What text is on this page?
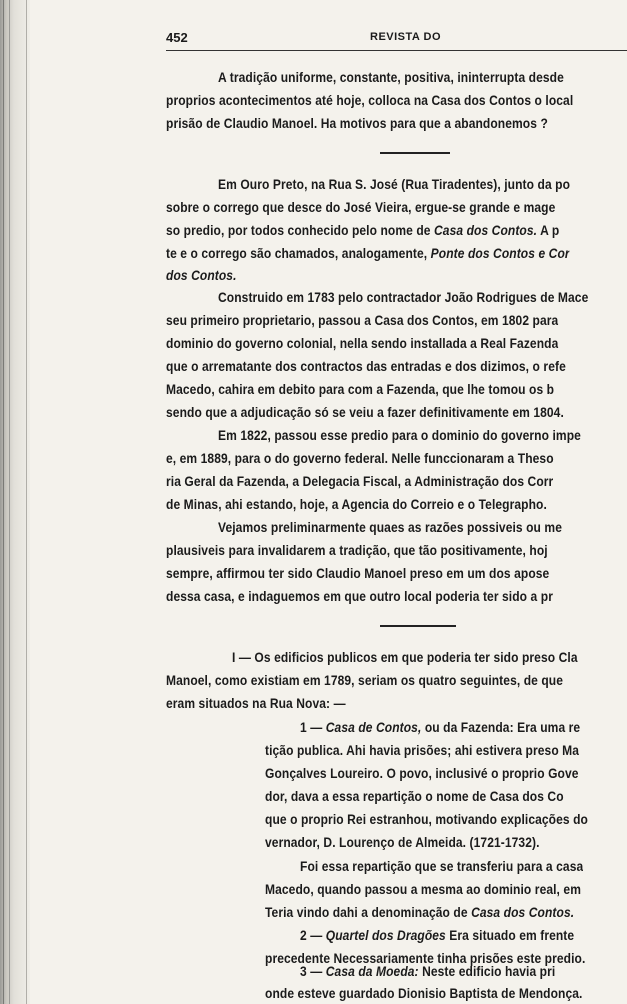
452	REVISTA DO
A tradição uniforme, constante, positiva, ininterrupta desde
proprios acontecimentos até hoje, colloca na Casa dos Contos o local
prisão de Claudio Manoel. Ha motivos para que a abandonemos ?
Em Ouro Preto, na Rua S. José (Rua Tiradentes), junto da po
sobre o corrego que desce do José Vieira, ergue-se grande e mage
so predio, por todos conhecido pelo nome de Casa dos Contos. A p
te e o corrego são chamados, analogamente, Ponte dos Contos e Cor
dos Contos.
Construido em 1783 pelo contractador João Rodrigues de Mace
seu primeiro proprietario, passou a Casa dos Contos, em 1802 para
dominio do governo colonial, nella sendo installada a Real Fazenda
que o arrematante dos contractos das entradas e dos dizimos, o refe
Macedo, cahira em debito para com a Fazenda, que lhe tomou os b
sendo que a adjudicação só se veiu a fazer definitivamente em 1804.
Em 1822, passou esse predio para o dominio do governo impe
e, em 1889, para o do governo federal. Nelle funccionaram a Theso
ria Geral da Fazenda, a Delegacia Fiscal, a Administração dos Corr
de Minas, ahi estando, hoje, a Agencia do Correio e o Telegrapho.
Vejamos preliminarmente quaes as razões possiveis ou me
plausiveis para invalidarem a tradição, que tão positivamente, hoj
sempre, affirmou ter sido Claudio Manoel preso em um dos apose
dessa casa, e indaguemos em que outro local poderia ter sido a pr
I — Os edificios publicos em que poderia ter sido preso Cla
Manoel, como existiam em 1789, seriam os quatro seguintes, de que
eram situados na Rua Nova: —
1 — Casa de Contos, ou da Fazenda: Era uma re
tição publica. Ahi havia prisões; ahi estivera preso Ma
Gonçalves Loureiro. O povo, inclusivé o proprio Gove
dor, dava a essa repartição o nome de Casa dos Co
que o proprio Rei estranhou, motivando explicações do
vernador, D. Lourenço de Almeida. (1721-1732).
Foi essa repartição que se transferiu para a casa
Macedo, quando passou a mesma ao dominio real, em
Teria vindo dahi a denominação de Casa dos Contos.
2 — Quartel dos Dragões Era situado em frente
precedente Necessariamente tinha prisões este predio.
3 — Casa da Moeda: Neste edificio havia pri
onde esteve guardado Dionisio Baptista de Mendonça.
